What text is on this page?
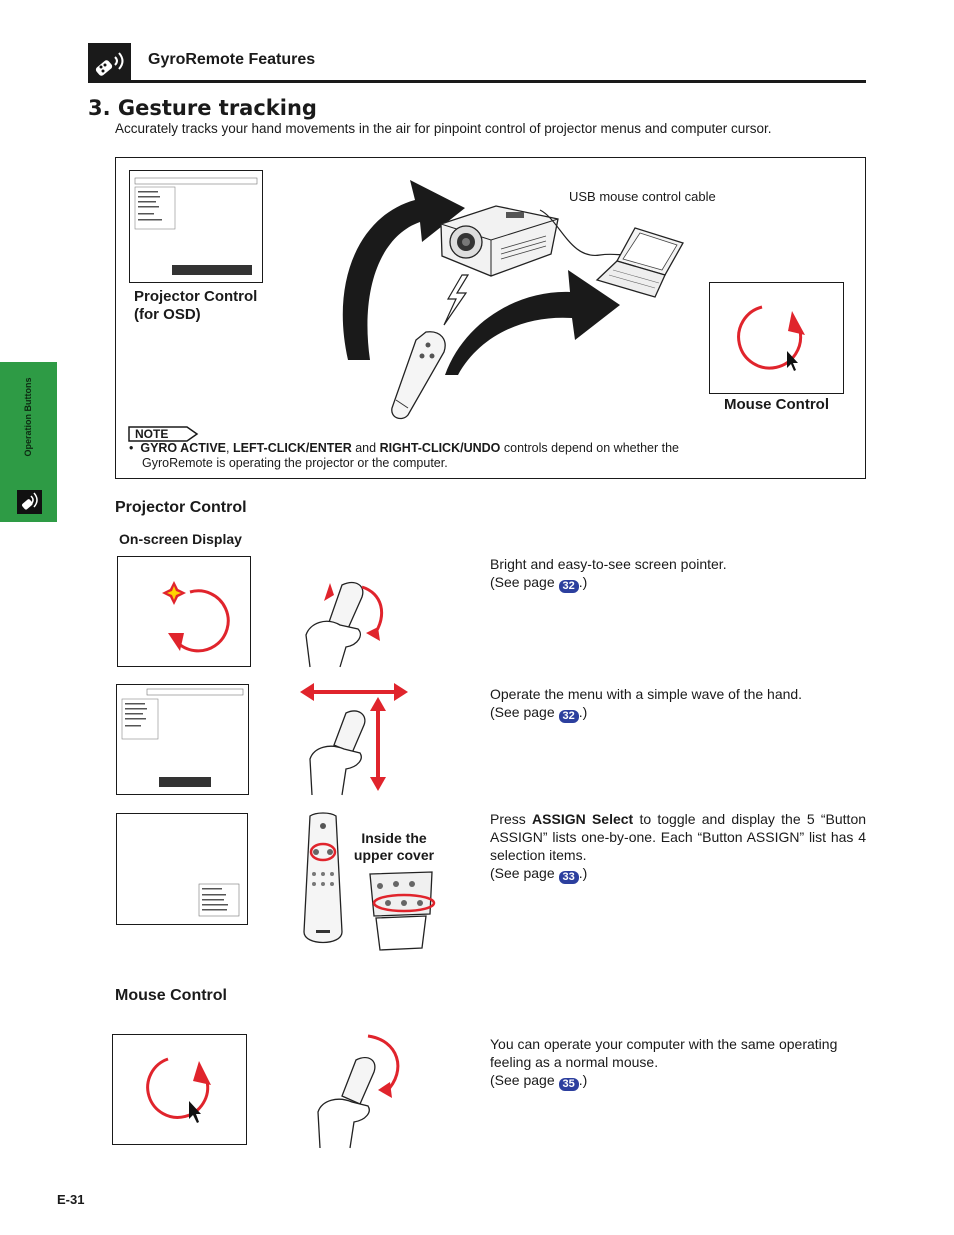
GyroRemote Features
3. Gesture tracking
Accurately tracks your hand movements in the air for pinpoint control of projector menus and computer cursor.
Operation Buttons
USB mouse control cable
Projector Control
(for OSD)
Mouse Control
NOTE
• GYRO ACTIVE, LEFT-CLICK/ENTER and RIGHT-CLICK/UNDO controls depend on whether the
GyroRemote is operating the projector or the computer.
Projector Control
On-screen Display
Bright and easy-to-see screen pointer.
(See page 32 .)
Operate the menu with a simple wave of the hand.
(See page 32 .)
Inside the
upper cover
Press ASSIGN Select to toggle and display the 5 “Button ASSIGN” lists one-by-one. Each “Button ASSIGN” list has 4 selection items.
(See page 33 .)
Mouse Control
You can operate your computer with the same operating
feeling as a normal mouse.
(See page 35 .)
E-31
